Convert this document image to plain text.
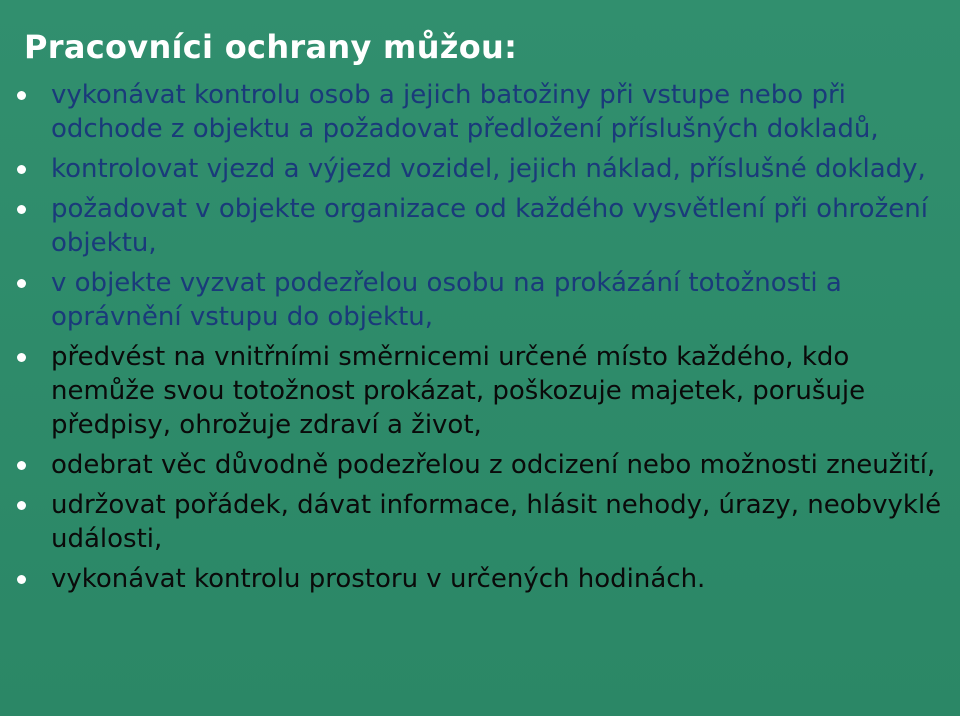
Pracovníci ochrany můžou:
vykonávat kontrolu osob a jejich batožiny při vstupe nebo při odchode z objektu a požadovat předložení příslušných dokladů,
kontrolovat vjezd a výjezd vozidel, jejich náklad, příslušné doklady,
požadovat v objekte organizace od každého vysvětlení při ohrožení objektu,
v objekte vyzvat podezřelou osobu na prokázání totožnosti a oprávnění vstupu do objektu,
předvést na vnitřními směrnicemi určené místo každého, kdo nemůže svou totožnost prokázat, poškozuje majetek, porušuje předpisy, ohrožuje zdraví a život,
odebrat věc důvodně podezřelou z odcizení nebo možnosti zneužití,
udržovat pořádek, dávat informace, hlásit nehody, úrazy, neobvyklé události,
vykonávat kontrolu prostoru v určených hodinách.
